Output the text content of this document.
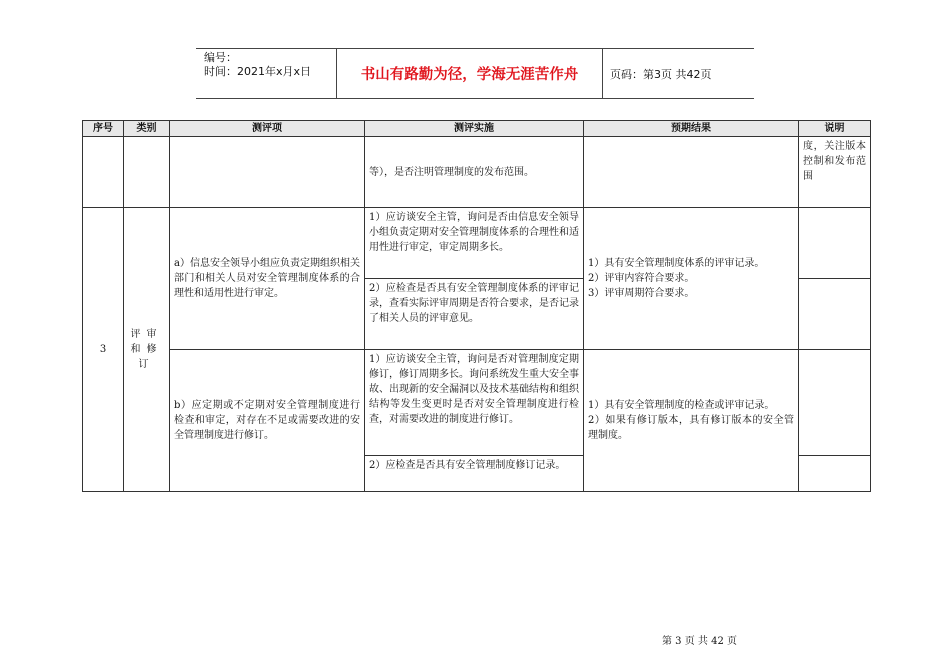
编号：
时间：2021年x月x日	书山有路勤为径，学海无涯苦作舟	页码：第3页 共42页
序号	类别	测评项	测评实施	预期结果	说明
			等），是否注明管理制度的发布范围。		度，关注版本控制和发布范围
3	评审和修订	a）信息安全领导小组应负责定期组织相关部门和相关人员对安全管理制度体系的合理性和适用性进行审定。	1）应访谈安全主管，询问是否由信息安全领导小组负责定期对安全管理制度体系的合理性和适用性进行审定，审定周期多长。	1）具有安全管理制度体系的评审记录。
2）评审内容符合要求。
3）评审周期符合要求。	
			2）应检查是否具有安全管理制度体系的评审记录，查看实际评审周期是否符合要求，是否记录了相关人员的评审意见。		
		b）应定期或不定期对安全管理制度进行检查和审定，对存在不足或需要改进的安全管理制度进行修订。	1）应访谈安全主管，询问是否对管理制度定期修订，修订周期多长。询问系统发生重大安全事故、出现新的安全漏洞以及技术基础结构和组织结构等发生变更时是否对安全管理制度进行检查，对需要改进的制度进行修订。	1）具有安全管理制度的检查或评审记录。
2）如果有修订版本，具有修订版本的安全管理制度。	
			2）应检查是否具有安全管理制度修订记录。		
第 3 页 共 42 页
